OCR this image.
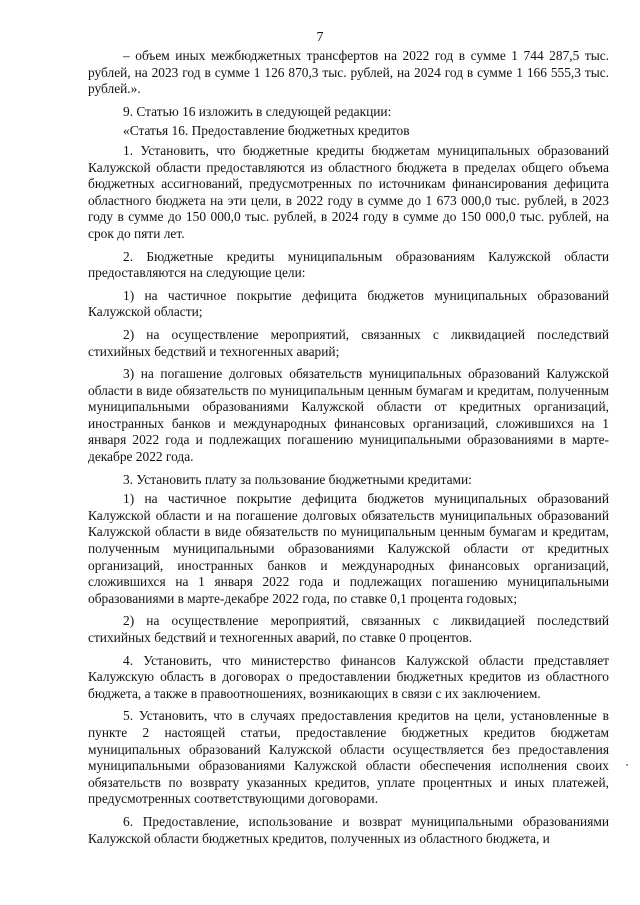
7

– объем иных межбюджетных трансфертов на 2022 год в сумме 1 744 287,5 тыс. рублей, на 2023 год в сумме 1 126 870,3 тыс. рублей, на 2024 год в сумме 1 166 555,3 тыс. рублей.».

9. Статью 16 изложить в следующей редакции:

«Статья 16. Предоставление бюджетных кредитов

1. Установить, что бюджетные кредиты бюджетам муниципальных образований Калужской области предоставляются из областного бюджета в пределах общего объема бюджетных ассигнований, предусмотренных по источникам финансирования дефицита областного бюджета на эти цели, в 2022 году в сумме до 1 673 000,0 тыс. рублей, в 2023 году в сумме до 150 000,0 тыс. рублей, в 2024 году в сумме до 150 000,0 тыс. рублей, на срок до пяти лет.

2. Бюджетные кредиты муниципальным образованиям Калужской области предоставляются на следующие цели:

1) на частичное покрытие дефицита бюджетов муниципальных образований Калужской области;

2) на осуществление мероприятий, связанных с ликвидацией последствий стихийных бедствий и техногенных аварий;

3) на погашение долговых обязательств муниципальных образований Калужской области в виде обязательств по муниципальным ценным бумагам и кредитам, полученным муниципальными образованиями Калужской области от кредитных организаций, иностранных банков и международных финансовых организаций, сложившихся на 1 января 2022 года и подлежащих погашению муниципальными образованиями в марте-декабре 2022 года.

3. Установить плату за пользование бюджетными кредитами:

1) на частичное покрытие дефицита бюджетов муниципальных образований Калужской области и на погашение долговых обязательств муниципальных образований Калужской области в виде обязательств по муниципальным ценным бумагам и кредитам, полученным муниципальными образованиями Калужской области от кредитных организаций, иностранных банков и международных финансовых организаций, сложившихся на 1 января 2022 года и подлежащих погашению муниципальными образованиями в марте-декабре 2022 года, по ставке 0,1 процента годовых;

2) на осуществление мероприятий, связанных с ликвидацией последствий стихийных бедствий и техногенных аварий, по ставке 0 процентов.

4. Установить, что министерство финансов Калужской области представляет Калужскую область в договорах о предоставлении бюджетных кредитов из областного бюджета, а также в правоотношениях, возникающих в связи с их заключением.

5. Установить, что в случаях предоставления кредитов на цели, установленные в пункте 2 настоящей статьи, предоставление бюджетных кредитов бюджетам муниципальных образований Калужской области осуществляется без предоставления муниципальными образованиями Калужской области обеспечения исполнения своих обязательств по возврату указанных кредитов, уплате процентных и иных платежей, предусмотренных соответствующими договорами.

6. Предоставление, использование и возврат муниципальными образованиями Калужской области бюджетных кредитов, полученных из областного бюджета, и
